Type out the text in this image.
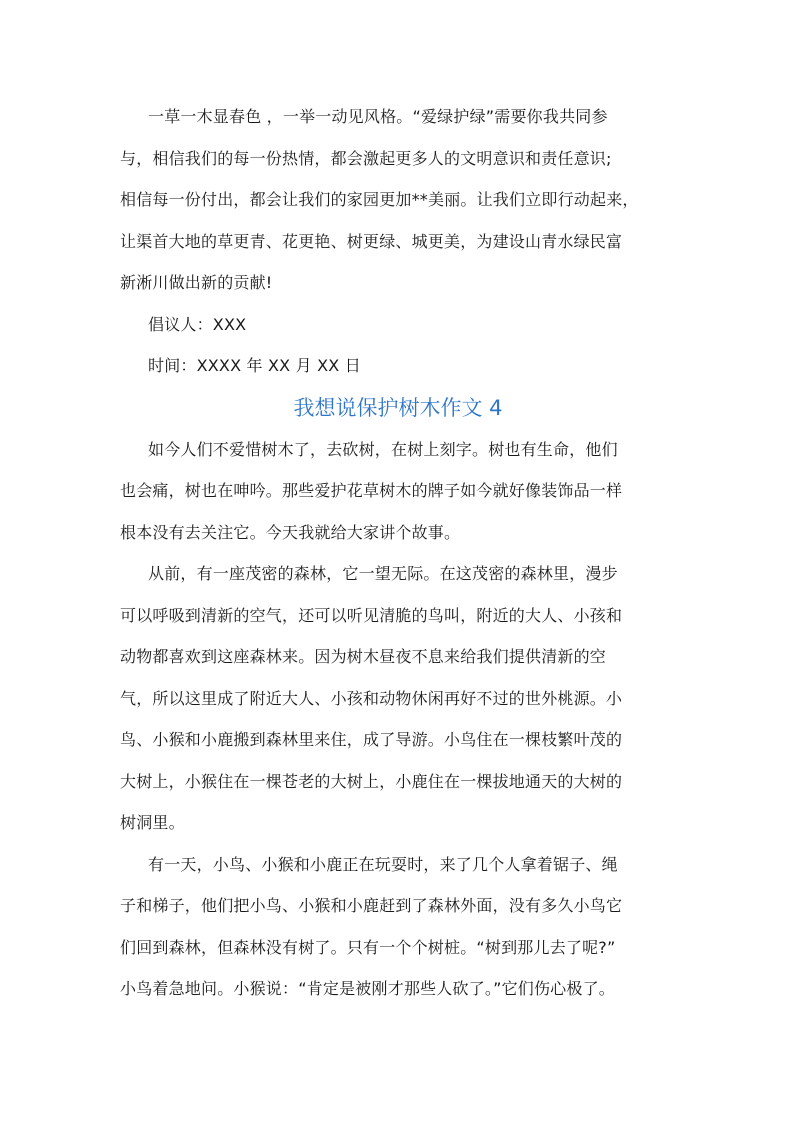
一草一木显春色 ，一举一动见风格。“爱绿护绿”需要你我共同参
与，相信我们的每一份热情，都会激起更多人的文明意识和责任意识;
相信每一份付出，都会让我们的家园更加**美丽。让我们立即行动起来，
让渠首大地的草更青、花更艳、树更绿、城更美，为建设山青水绿民富
新淅川做出新的贡献!
倡议人：XXX
时间：XXXX 年 XX 月 XX 日
我想说保护树木作文 4
如今人们不爱惜树木了，去砍树，在树上刻字。树也有生命，他们
也会痛，树也在呻吟。那些爱护花草树木的牌子如今就好像装饰品一样
根本没有去关注它。今天我就给大家讲个故事。
从前，有一座茂密的森林，它一望无际。在这茂密的森林里，漫步
可以呼吸到清新的空气，还可以听见清脆的鸟叫，附近的大人、小孩和
动物都喜欢到这座森林来。因为树木昼夜不息来给我们提供清新的空
气，所以这里成了附近大人、小孩和动物休闲再好不过的世外桃源。小
鸟、小猴和小鹿搬到森林里来住，成了导游。小鸟住在一棵枝繁叶茂的
大树上，小猴住在一棵苍老的大树上，小鹿住在一棵拔地通天的大树的
树洞里。
有一天，小鸟、小猴和小鹿正在玩耍时，来了几个人拿着锯子、绳
子和梯子，他们把小鸟、小猴和小鹿赶到了森林外面，没有多久小鸟它
们回到森林，但森林没有树了。只有一个个树桩。“树到那儿去了呢?”
小鸟着急地问。小猴说：“肯定是被刚才那些人砍了。”它们伤心极了。
